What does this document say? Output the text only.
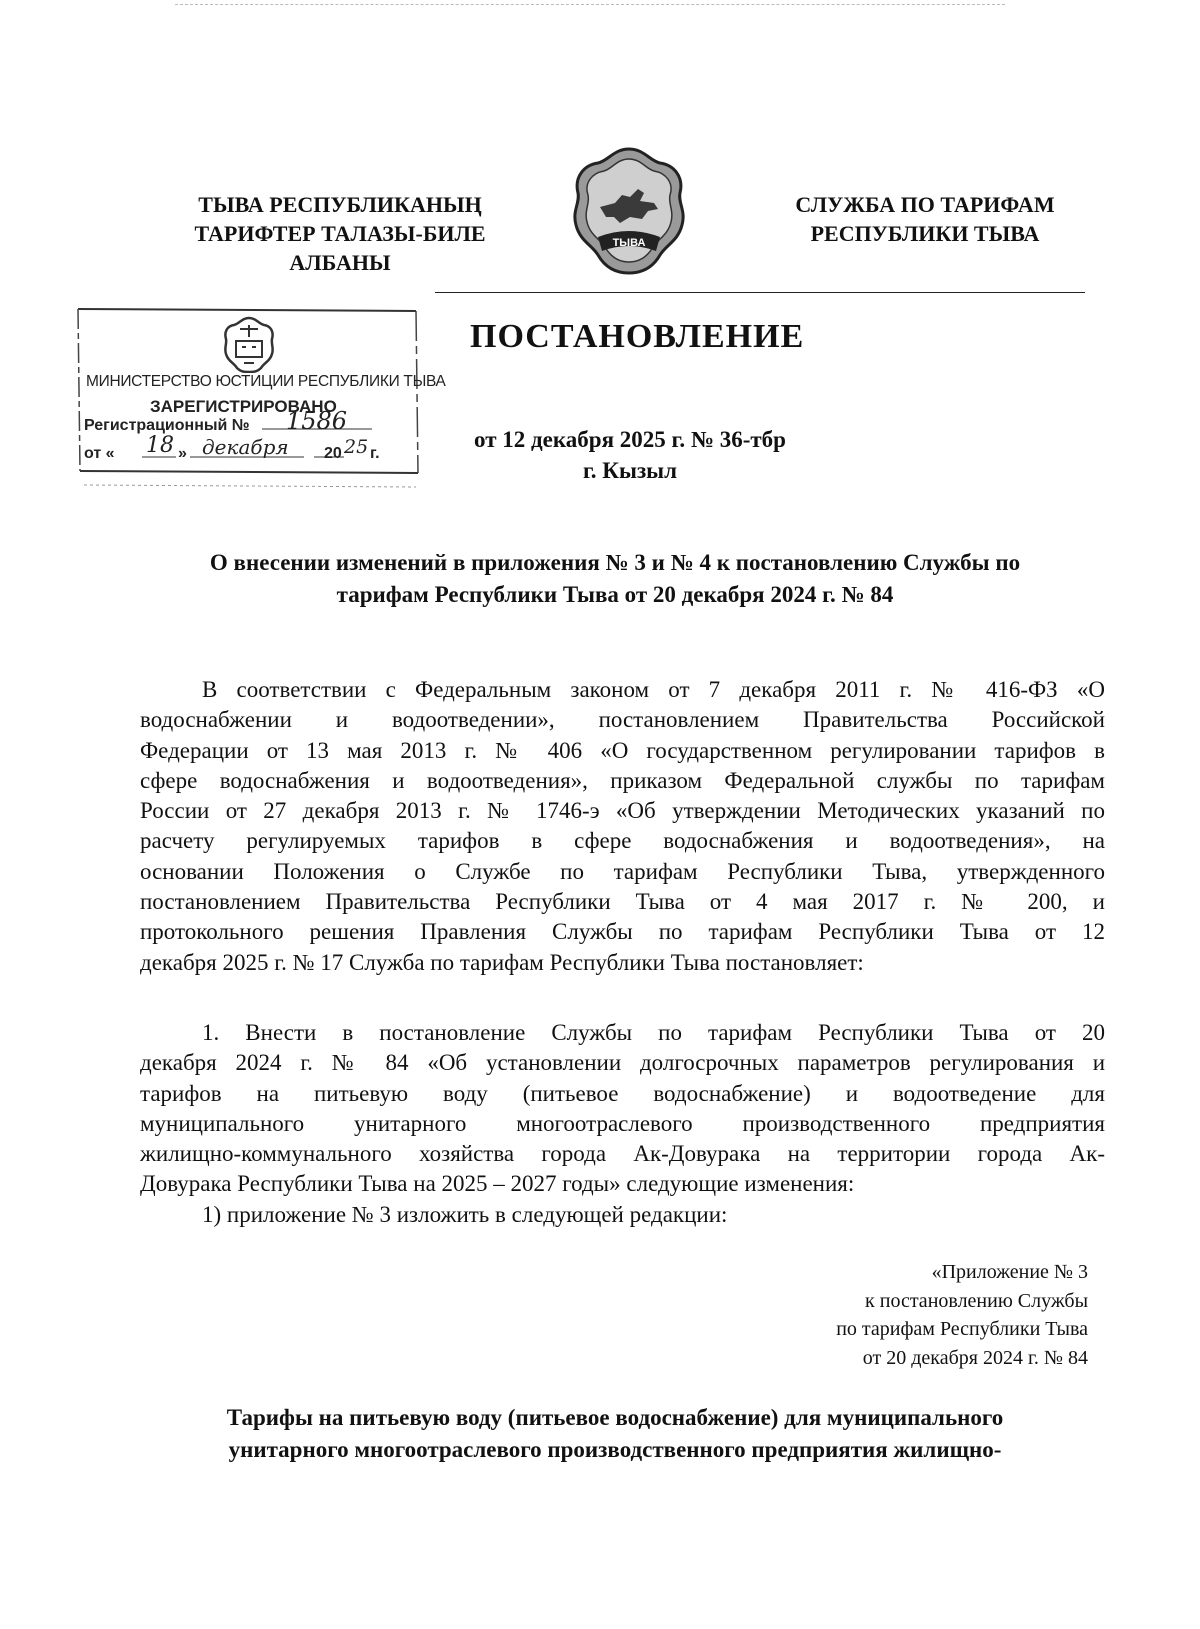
ТЫВА РЕСПУБЛИКАНЫҢ
ТАРИФТЕР ТАЛАЗЫ-БИЛЕ
АЛБАНЫ
ТЫВА
СЛУЖБА ПО ТАРИФАМ
РЕСПУБЛИКИ ТЫВА
ПОСТАНОВЛЕНИЕ
МИНИСТЕРСТВО ЮСТИЦИИ РЕСПУБЛИКИ ТЫВА
ЗАРЕГИСТРИРОВАНО
Регистрационный № 1586
от « 18 » декабря 20 25 г.
от 12 декабря 2025 г. № 36-тбр
г. Кызыл
О внесении изменений в приложения № 3 и № 4 к постановлению Службы по
тарифам Республики Тыва от 20 декабря 2024 г. № 84
В соответствии с Федеральным законом от 7 декабря 2011 г. № 416-ФЗ «О
водоснабжении и водоотведении», постановлением Правительства Российской
Федерации от 13 мая 2013 г. № 406 «О государственном регулировании тарифов в
сфере водоснабжения и водоотведения», приказом Федеральной службы по тарифам
России от 27 декабря 2013 г. № 1746-э «Об утверждении Методических указаний по
расчету регулируемых тарифов в сфере водоснабжения и водоотведения», на
основании Положения о Службе по тарифам Республики Тыва, утвержденного
постановлением Правительства Республики Тыва от 4 мая 2017 г. № 200, и
протокольного решения Правления Службы по тарифам Республики Тыва от 12
декабря 2025 г. № 17 Служба по тарифам Республики Тыва постановляет:
1. Внести в постановление Службы по тарифам Республики Тыва от 20
декабря 2024 г. № 84 «Об установлении долгосрочных параметров регулирования и
тарифов на питьевую воду (питьевое водоснабжение) и водоотведение для
муниципального унитарного многоотраслевого производственного предприятия
жилищно-коммунального хозяйства города Ак-Довурака на территории города Ак-
Довурака Республики Тыва на 2025 – 2027 годы» следующие изменения:
1) приложение № 3 изложить в следующей редакции:
«Приложение № 3
к постановлению Службы
по тарифам Республики Тыва
от 20 декабря 2024 г. № 84
Тарифы на питьевую воду (питьевое водоснабжение) для муниципального
унитарного многоотраслевого производственного предприятия жилищно-
